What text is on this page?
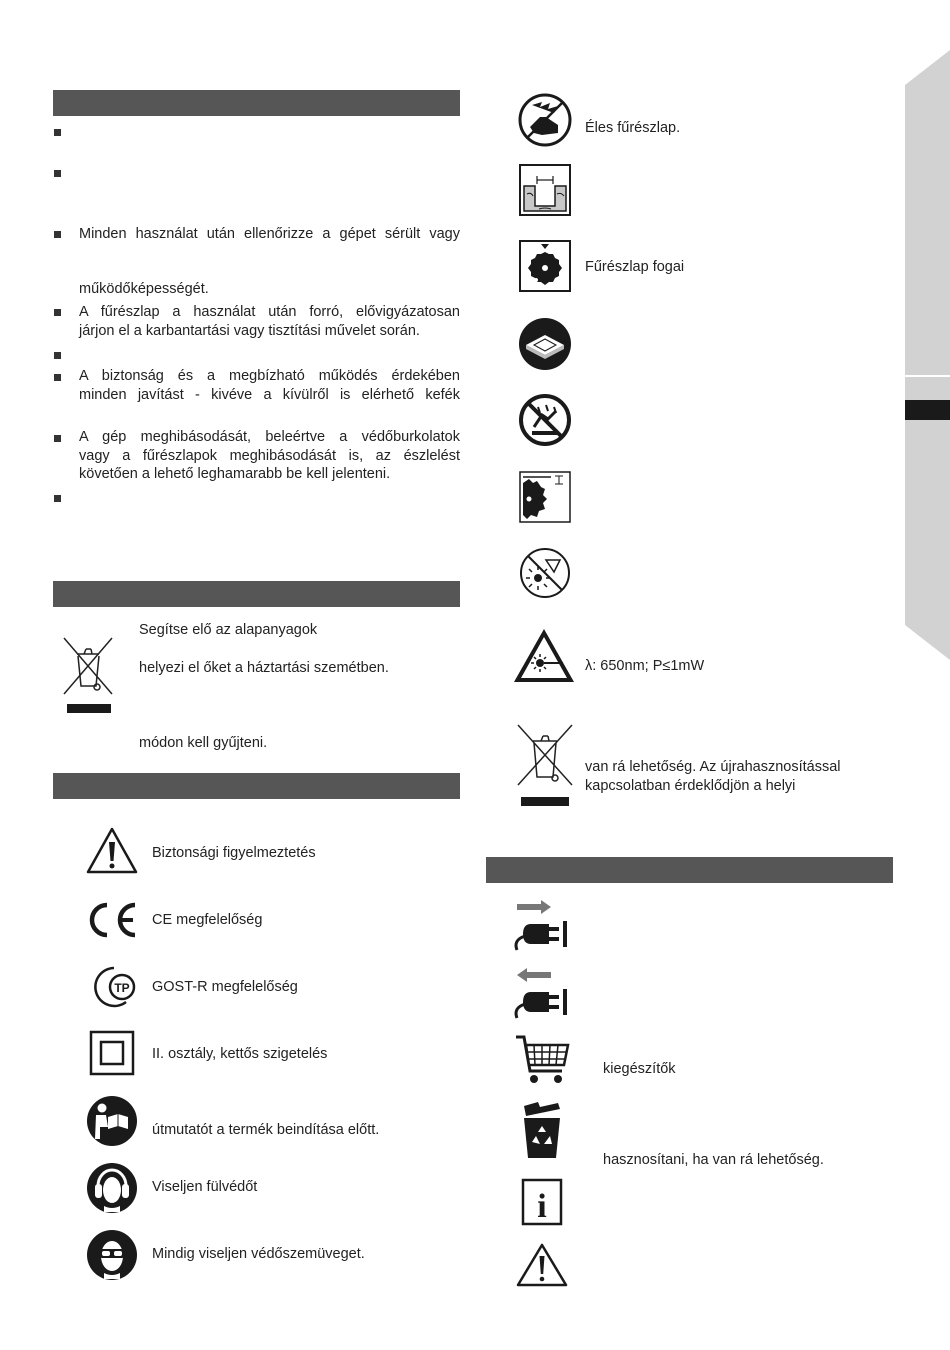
Minden használat után ellenőrizze a gépet sérült vagy
működőképességét.
A fűrészlap a használat után forró, elővigyázatosan
járjon el a karbantartási vagy tisztítási művelet során.
A biztonság és a megbízható működés érdekében
minden javítást - kivéve a kívülről is elérhető kefék
A gép meghibásodását, beleértve a védőburkolatok
vagy a fűrészlapok meghibásodását is, az észlelést
követően a lehető leghamarabb be kell jelenteni.
Segítse elő az alapanyagok
helyezi el őket a háztartási szemétben.
módon kell gyűjteni.
Biztonsági figyelmeztetés
CE megfelelőség
TP GOST-R megfelelőség
II. osztály, kettős szigetelés
útmutatót a termék beindítása előtt.
Viseljen fülvédőt
Mindig viseljen védőszemüveget.
Éles fűrészlap.
Fűrészlap fogai
λ: 650nm; P≤1mW
van rá lehetőség. Az újrahasznosítással
kapcsolatban érdeklődjön a helyi
kiegészítők
hasznosítani, ha van rá lehetőség.
i
